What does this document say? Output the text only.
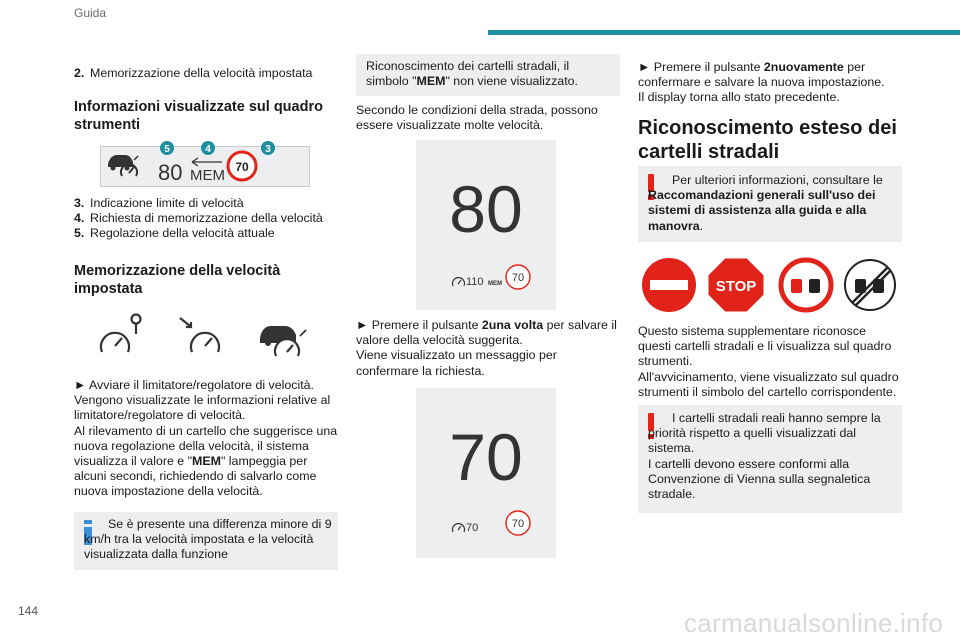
Guida
2. Memorizzazione della velocità impostata
Informazioni visualizzate sul quadro strumenti
80 MEM 70
5	4	3
3. Indicazione limite di velocità
4. Richiesta di memorizzazione della velocità
5. Regolazione della velocità attuale
Memorizzazione della velocità impostata
► Avviare il limitatore/regolatore di velocità.
Vengono visualizzate le informazioni relative al limitatore/regolatore di velocità.
Al rilevamento di un cartello che suggerisce una nuova regolazione della velocità, il sistema visualizza il valore e "MEM" lampeggia per alcuni secondi, richiedendo di salvarlo come nuova impostazione della velocità.
Se è presente una differenza minore di 9 km/h tra la velocità impostata e la velocità visualizzata dalla funzione
Riconoscimento dei cartelli stradali, il simbolo "MEM" non viene visualizzato.
Secondo le condizioni della strada, possono essere visualizzate molte velocità.
80
110 MEM 70
► Premere il pulsante 2una volta per salvare il valore della velocità suggerita.
Viene visualizzato un messaggio per confermare la richiesta.
70
70	70
► Premere il pulsante 2nuovamente per confermare e salvare la nuova impostazione.
Il display torna allo stato precedente.
Riconoscimento esteso dei cartelli stradali
Per ulteriori informazioni, consultare le Raccomandazioni generali sull'uso dei sistemi di assistenza alla guida e alla manovra.
STOP
Questo sistema supplementare riconosce questi cartelli stradali e li visualizza sul quadro strumenti.
All'avvicinamento, viene visualizzato sul quadro strumenti il simbolo del cartello corrispondente.
I cartelli stradali reali hanno sempre la priorità rispetto a quelli visualizzati dal sistema.
I cartelli devono essere conformi alla Convenzione di Vienna sulla segnaletica stradale.
144	carmanualsonline.info
